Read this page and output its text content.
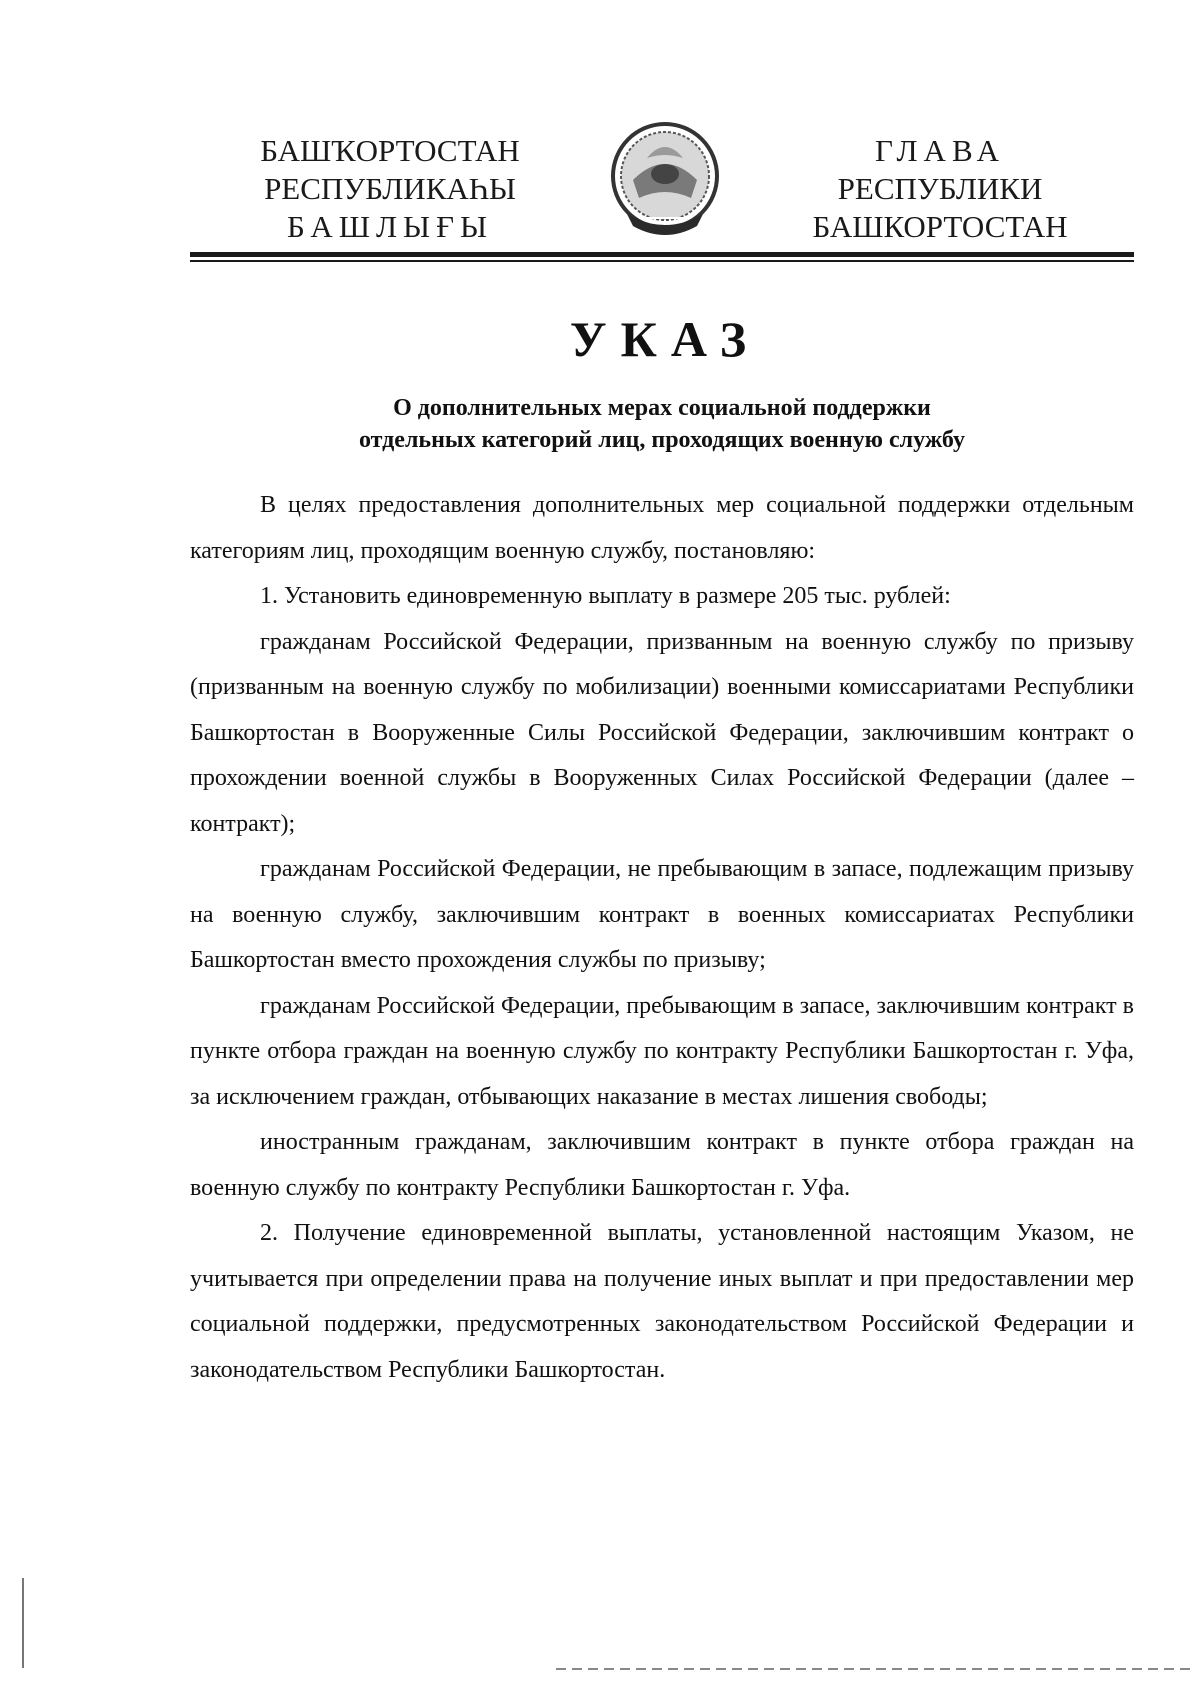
БАШҠОРТОСТАН
РЕСПУБЛИКАҺЫ
БАШЛЫҒЫ
ГЛАВА
РЕСПУБЛИКИ
БАШКОРТОСТАН
УКАЗ
О дополнительных мерах социальной поддержки
отдельных категорий лиц, проходящих военную службу

В целях предоставления дополнительных мер социальной поддержки отдельным категориям лиц, проходящим военную службу, постановляю:

1. Установить единовременную выплату в размере 205 тыс. рублей:

гражданам Российской Федерации, призванным на военную службу по призыву (призванным на военную службу по мобилизации) военными комиссариатами Республики Башкортостан в Вооруженные Силы Российской Федерации, заключившим контракт о прохождении военной службы в Вооруженных Силах Российской Федерации (далее – контракт);

гражданам Российской Федерации, не пребывающим в запасе, подлежащим призыву на военную службу, заключившим контракт в военных комиссариатах Республики Башкортостан вместо прохождения службы по призыву;

гражданам Российской Федерации, пребывающим в запасе, заключившим контракт в пункте отбора граждан на военную службу по контракту Республики Башкортостан г. Уфа, за исключением граждан, отбывающих наказание в местах лишения свободы;

иностранным гражданам, заключившим контракт в пункте отбора граждан на военную службу по контракту Республики Башкортостан г. Уфа.

2. Получение единовременной выплаты, установленной настоящим Указом, не учитывается при определении права на получение иных выплат и при предоставлении мер социальной поддержки, предусмотренных законодательством Российской Федерации и законодательством Республики Башкортостан.
